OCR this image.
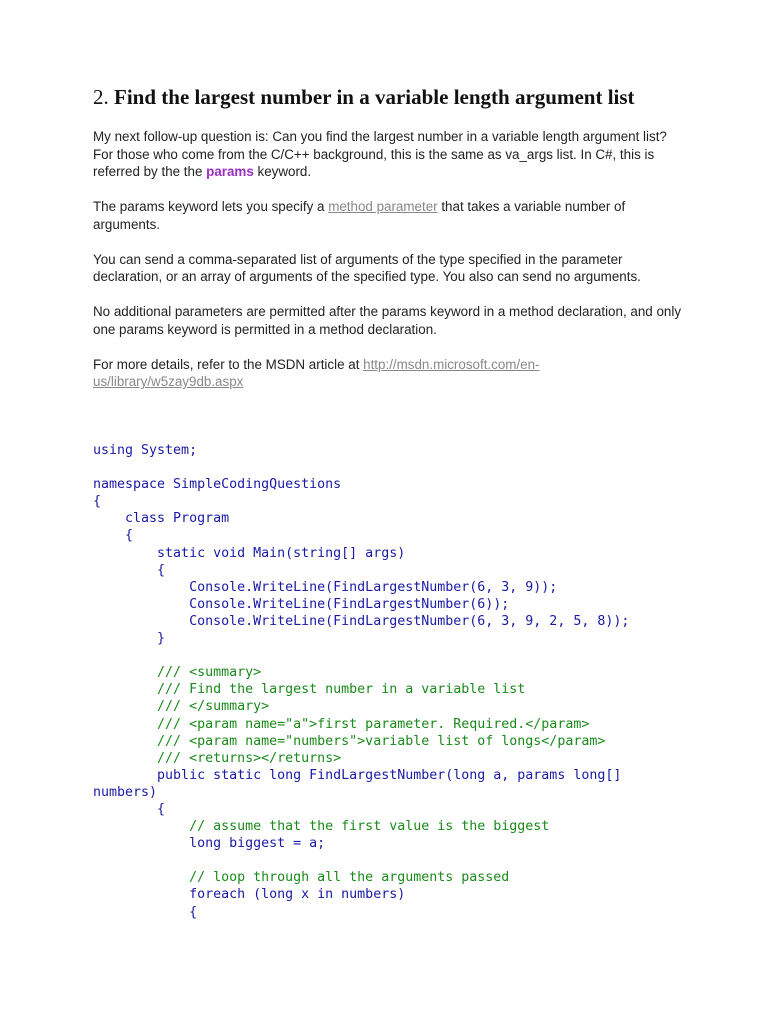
2. Find the largest number in a variable length argument list

My next follow-up question is: Can you find the largest number in a variable length argument list? For those who come from the C/C++ background, this is the same as va_args list. In C#, this is referred by the the params keyword.

The params keyword lets you specify a method parameter that takes a variable number of arguments.

You can send a comma-separated list of arguments of the type specified in the parameter declaration, or an array of arguments of the specified type. You also can send no arguments.

No additional parameters are permitted after the params keyword in a method declaration, and only one params keyword is permitted in a method declaration.

For more details, refer to the MSDN article at http://msdn.microsoft.com/en-us/library/w5zay9db.aspx

using System;
namespace SimpleCodingQuestions
{
class Program
{
static void Main(string[] args)
{
Console.WriteLine(FindLargestNumber(6, 3, 9));
Console.WriteLine(FindLargestNumber(6));
Console.WriteLine(FindLargestNumber(6, 3, 9, 2, 5, 8));
}
/// <summary>
/// Find the largest number in a variable list
/// </summary>
/// <param name="a">first parameter. Required.</param>
/// <param name="numbers">variable list of longs</param>
/// <returns></returns>
public static long FindLargestNumber(long a, params long[]
numbers)
{
// assume that the first value is the biggest
long biggest = a;
// loop through all the arguments passed
foreach (long x in numbers)
{
